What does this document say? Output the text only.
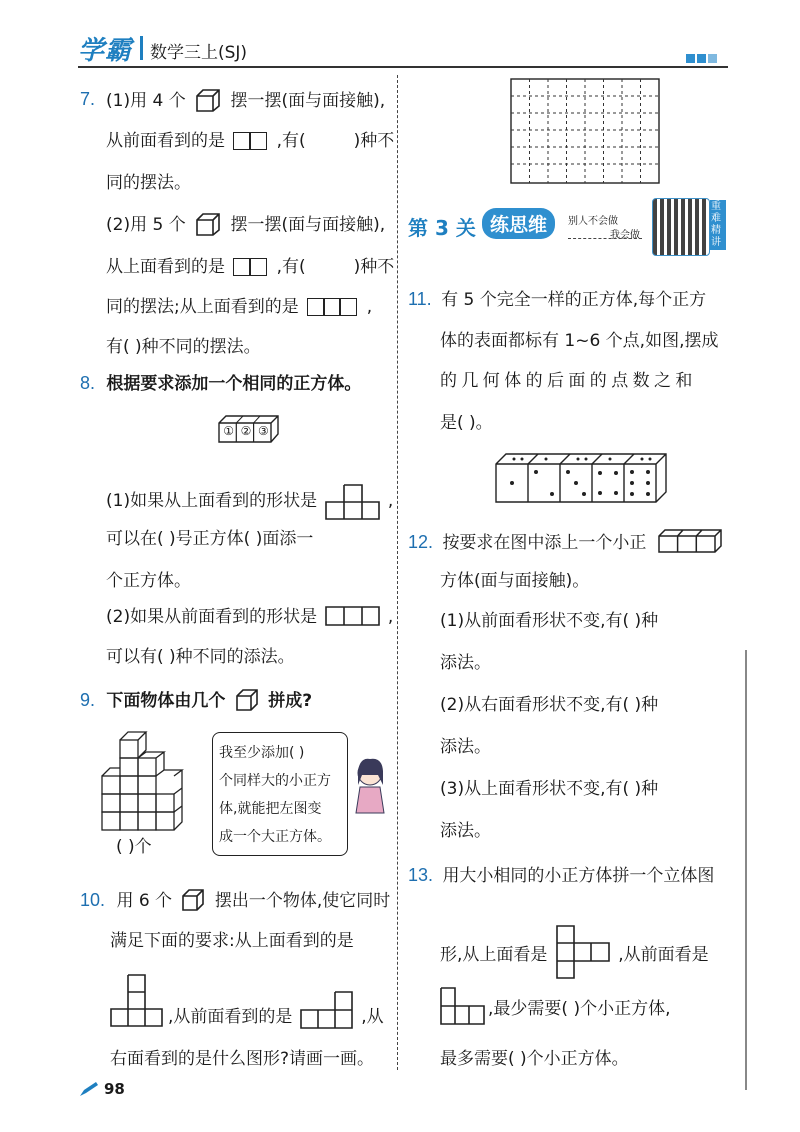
学霸 数学三上(SJ)
7. (1)用 4 个	摆一摆(面与面接触),
从前面看到的是	,有(	)种不
同的摆法。
(2)用 5 个	摆一摆(面与面接触),
从上面看到的是	,有(	)种不
同的摆法;从上面看到的是	,
有( )种不同的摆法。
8. 根据要求添加一个相同的正方体。
① ② ③
(1)如果从上面看到的形状是	,
可以在( )号正方体( )面添一
个正方体。
(2)如果从前面看到的形状是	,
可以有( )种不同的添法。
9. 下面物体由几个	拼成?
( )个
我至少添加( )
个同样大的小正方
体,就能把左图变
成一个大正方体。
10. 用 6 个	摆出一个物体,使它同时
满足下面的要求:从上面看到的是
,从前面看到的是	,从
右面看到的是什么图形?请画一画。
98
第 3 关 练思维	别人不会做
我会做
重难精讲
11. 有 5 个完全一样的正方体,每个正方
体的表面都标有 1~6 个点,如图,摆成
的几何体的后面的点数之和
是( )。
12. 按要求在图中添上一个小正
方体(面与面接触)。
(1)从前面看形状不变,有( )种
添法。
(2)从右面看形状不变,有( )种
添法。
(3)从上面看形状不变,有( )种
添法。
13. 用大小相同的小正方体拼一个立体图
形,从上面看是	,从前面看是
,最少需要( )个小正方体,
最多需要( )个小正方体。
